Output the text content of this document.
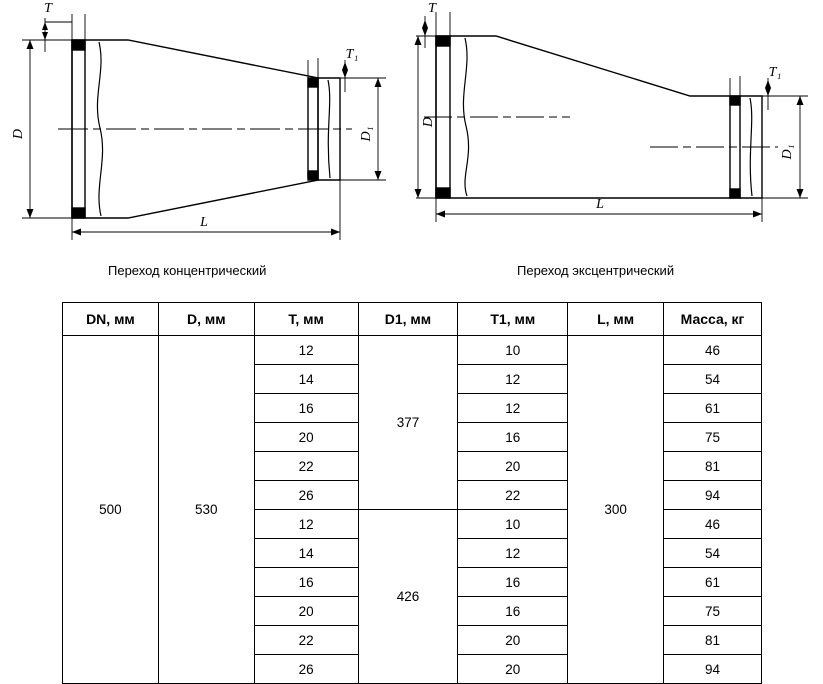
D	D₁
L
T
T₁
D
D₁
L
T
T₁
Переход концентрический	Переход эксцентрический
DN, мм	D, мм	T, мм	D1, мм	T1, мм	L, мм	Масса, кг
500	530	12	377	10	300	46
		14		12		54
		16		12		61
		20		16		75
		22		20		81
		26		22		94
		12	426	10		46
		14		12		54
		16		16		61
		20		16		75
		22		20		81
		26		20		94
